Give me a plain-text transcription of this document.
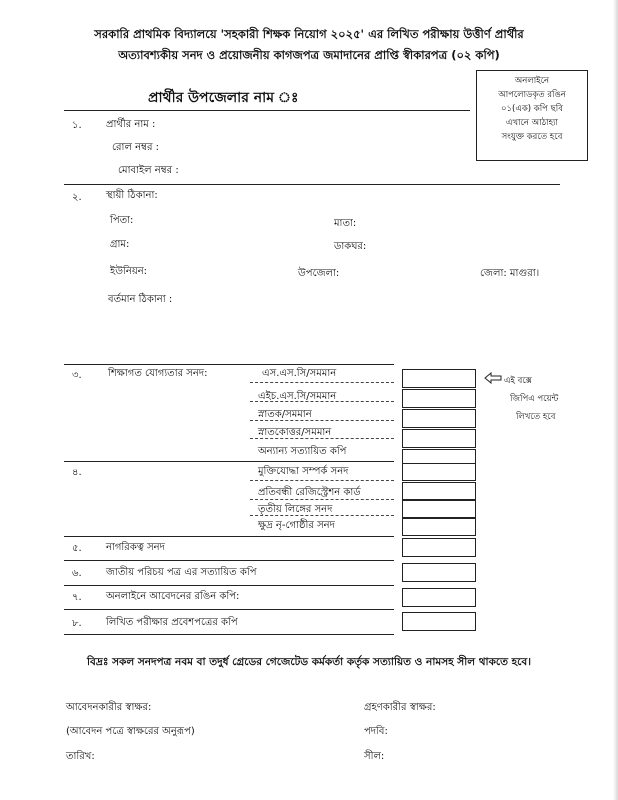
সরকারি প্রাথমিক বিদ্যালয়ে 'সহকারী শিক্ষক নিয়োগ ২০২৫' এর লিখিত পরীক্ষায় উত্তীর্ণ প্রার্থীর
অত্যাবশ্যকীয় সনদ ও প্রয়োজনীয় কাগজপত্র জমাদানের প্রাপ্তি স্বীকারপত্র (০২ কপি)
অনলাইনে
আপলোডকৃত রঙিন
০১(এক) কপি ছবি
এখানে আঠাহ্যা
সংযুক্ত করতে হবে
প্রার্থীর উপজেলার নাম ঃ
১. প্রার্থীর নাম :
রোল নম্বর :
মোবাইল নম্বর :
২. স্থায়ী ঠিকানা:
পিতা:	মাতা:
গ্রাম:	ডাকঘর:
ইউনিয়ন:	উপজেলা:	জেলা: মাগুরা।
বর্তমান ঠিকানা :
৩.	শিক্ষাগত যোগ্যতার সনদ:	এস.এস.সি/সমমান
এইচ.এস.সি/সমমান
স্নাতক/সমমান
স্নাতকোত্তর/সমমান
অন্যান্য সত্যায়িত কপি
এই বক্সে
জিপিএ পয়েন্ট
লিখতে হবে
৪.	মুক্তিযোদ্ধা সম্পর্ক সনদ
প্রতিবন্ধী রেজিস্ট্রেশন কার্ড
তৃতীয় লিঙ্গের সনদ
ক্ষুদ্র নৃ-গোষ্ঠীর সনদ
৫. নাগরিকত্ব সনদ
৬. জাতীয় পরিচয় পত্র এর সত্যায়িত কপি
৭. অনলাইনে আবেদনের রঙিন কপি:
৮. লিখিত পরীক্ষার প্রবেশপত্রের কপি
বিদ্রঃ সকল সনদপত্র নবম বা তদুর্ধ গ্রেডের গেজেটেড কর্মকর্তা কর্তৃক সত্যায়িত ও নামসহ সীল থাকতে হবে।
আবেদনকারীর স্বাক্ষর:
(আবেদন পত্রে স্বাক্ষরের অনুরূপ)
তারিখ:
গ্রহণকারীর স্বাক্ষর:
পদবি:
সীল:
